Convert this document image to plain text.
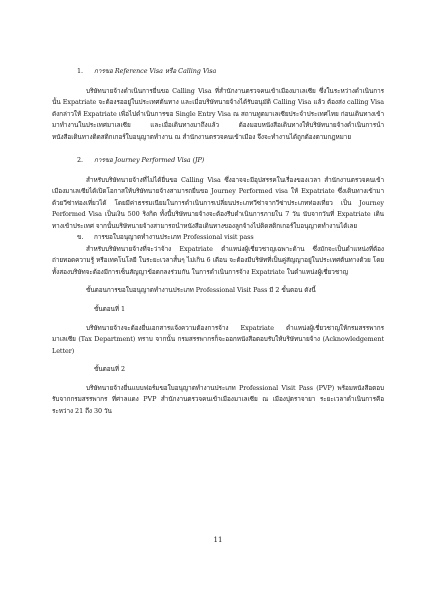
1. การขอ Reference Visa หรือ Calling Visa

บริษัทนายจ้างดำเนินการยื่นขอ Calling Visa ที่สำนักงานตรวจคนเข้าเมืองมาเลเซีย ซึ่งในระหว่างดำเนินการนั้น Expatriate จะต้องรออยู่ในประเทศต้นทาง และเมื่อบริษัทนายจ้างได้รับอนุมัติ Calling Visa แล้ว ต้องส่ง calling Visa ดังกล่าวให้ Expatriate เพื่อไปดำเนินการขอ Single Entry Visa ณ สถานทูตมาเลเซียประจำประเทศไทย ก่อนเดินทางเข้ามาทำงานในประเทศมาเลเซีย และเมื่อเดินทางมาถึงแล้ว ต้องมอบหนังสือเดินทางให้บริษัทนายจ้างดำเนินการนำหนังสือเดินทางติดสติกเกอร์ใบอนุญาตทำงาน ณ สำนักงานตรวจคนเข้าเมือง จึงจะทำงานได้ถูกต้องตามกฎหมาย

2. การขอ Journey Performed Visa (JP)

สำหรับบริษัทนายจ้างที่ไม่ได้ยื่นขอ Calling Visa ซึ่งอาจจะมีอุปสรรคในเรื่องของเวลา สำนักงานตรวจคนเข้าเมืองมาเลเซียได้เปิดโอกาสให้บริษัทนายจ้างสามารถยื่นขอ Journey Performed visa ให้ Expatriate ซึ่งเดินทางเข้ามาด้วยวีซ่าท่องเที่ยวได้ โดยมีค่าธรรมเนียมในการดำเนินการเปลี่ยนประเภทวีซ่าจากวีซ่าประเภทท่องเที่ยว เป็น Journey Performed Visa เป็นเงิน 500 ริงกิต ทั้งนี้บริษัทนายจ้างจะต้องรีบดำเนินการภายใน 7 วัน นับจากวันที่ Expatriate เดินทางเข้าประเทศ จากนั้นบริษัทนายจ้างสามารถนำหนังสือเดินทางของลูกจ้างไปติดสติกเกอร์ใบอนุญาตทำงานได้เลย

ข. การขอใบอนุญาตทำงานประเภท Professional visit pass

สำหรับบริษัทนายจ้างที่จะว่าจ้าง Expatriate ตำแหน่งผู้เชี่ยวชาญเฉพาะด้าน ซึ่งมักจะเป็นตำแหน่งที่ต้องถ่ายทอดความรู้ หรือเทคโนโลยี ในระยะเวลาสั้นๆ ไม่เกิน 6 เดือน จะต้องมีบริษัทที่เป็นคู่สัญญาอยู่ในประเทศต้นทางด้วย โดยทั้งสองบริษัทจะต้องมีการเซ็นสัญญาข้อตกลงร่วมกัน ในการดำเนินการจ้าง Expatriate ในตำแหน่งผู้เชี่ยวชาญ

ขั้นตอนการขอใบอนุญาตทำงานประเภท Professional Visit Pass มี 2 ขั้นตอน ดังนี้

ขั้นตอนที่ 1

บริษัทนายจ้างจะต้องยื่นเอกสารแจ้งความต้องการจ้าง Expatriate ตำแหน่งผู้เชี่ยวชาญให้กรมสรรพากรมาเลเซีย (Tax Department) ทราบ จากนั้น กรมสรรพากรก็จะออกหนังสือตอบรับให้บริษัทนายจ้าง (Acknowledgement Letter)

ขั้นตอนที่ 2

บริษัทนายจ้างยื่นแบบฟอร์มขอใบอนุญาตทำงานประเภท Professional Visit Pass (PVP) พร้อมหนังสือตอบรับจากกรมสรรพากร ที่ศาลแดง PVP สำนักงานตรวจคนเข้าเมืองมาเลเซีย ณ เมืองปุตราจายา ระยะเวลาดำเนินการคือ ระหว่าง 21 ถึง 30 วัน

11
